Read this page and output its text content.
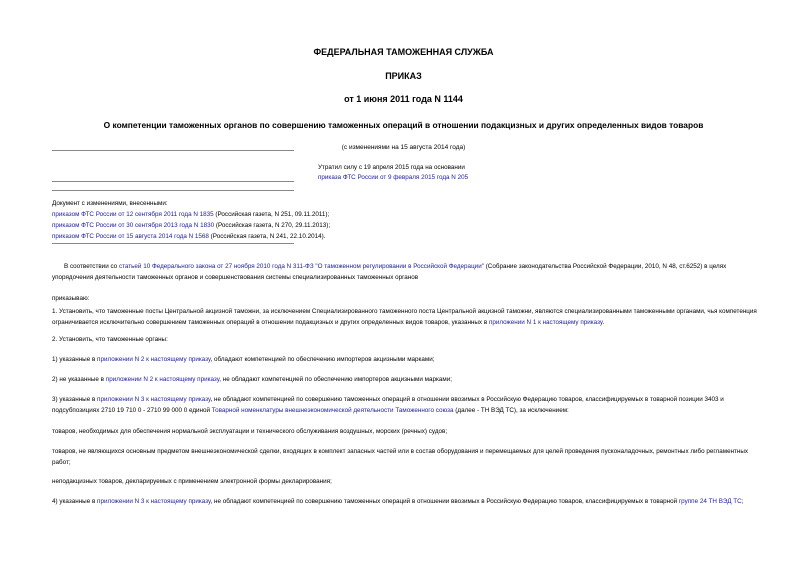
ФЕДЕРАЛЬНАЯ ТАМОЖЕННАЯ СЛУЖБА
ПРИКАЗ
от 1 июня 2011 года N 1144
О компетенции таможенных органов по совершению таможенных операций в отношении подакцизных и других определенных видов товаров
(с изменениями на 15 августа 2014 года)
Утратил силу с 19 апреля 2015 года на основании
приказа ФТС России от 9 февраля 2015 года N 205
Документ с изменениями, внесенными:
приказом ФТС России от 12 сентября 2011 года N 1835 (Российская газета, N 251, 09.11.2011);
приказом ФТС России от 30 сентября 2013 года N 1830 (Российская газета, N 270, 29.11.2013);
приказом ФТС России от 15 августа 2014 года N 1568 (Российская газета, N 241, 22.10.2014).
В соответствии со статьей 10 Федерального закона от 27 ноября 2010 года N 311-ФЗ "О таможенном регулировании в Российской Федерации" (Собрание законодательства Российской Федерации, 2010, N 48, ст.6252) в целях упорядочения деятельности таможенных органов и совершенствования системы специализированных таможенных органов
приказываю:
1. Установить, что таможенные посты Центральной акцизной таможни, за исключением Специализированного таможенного поста Центральной акцизной таможни, являются специализированными таможенными органами, чья компетенция ограничивается исключительно совершением таможенных операций в отношении подакцизных и других определенных видов товаров, указанных в приложении N 1 к настоящему приказу.
2. Установить, что таможенные органы:
1) указанные в приложении N 2 к настоящему приказу, обладают компетенцией по обеспечению импортеров акцизными марками;
2) не указанные в приложении N 2 к настоящему приказу, не обладают компетенцией по обеспечению импортеров акцизными марками;
3) указанные в приложении N 3 к настоящему приказу, не обладают компетенцией по совершению таможенных операций в отношении ввозимых в Российскую Федерацию товаров, классифицируемых в товарной позиции 3403 и подсубпозициях 2710 19 710 0 - 2710 99 000 0 единой Товарной номенклатуры внешнеэкономической деятельности Таможенного союза (далее - ТН ВЭД ТС), за исключением:
товаров, необходимых для обеспечения нормальной эксплуатации и технического обслуживания воздушных, морских (речных) судов;
товаров, не являющихся основным предметом внешнеэкономической сделки, входящих в комплект запасных частей или в состав оборудования и перемещаемых для целей проведения пусконаладочных, ремонтных либо регламентных работ;
неподакцизных товаров, декларируемых с применением электронной формы декларирования;
4) указанные в приложении N 3 к настоящему приказу, не обладают компетенцией по совершению таможенных операций в отношении ввозимых в Российскую Федерацию товаров, классифицируемых в товарной группе 24 ТН ВЭД ТС;
